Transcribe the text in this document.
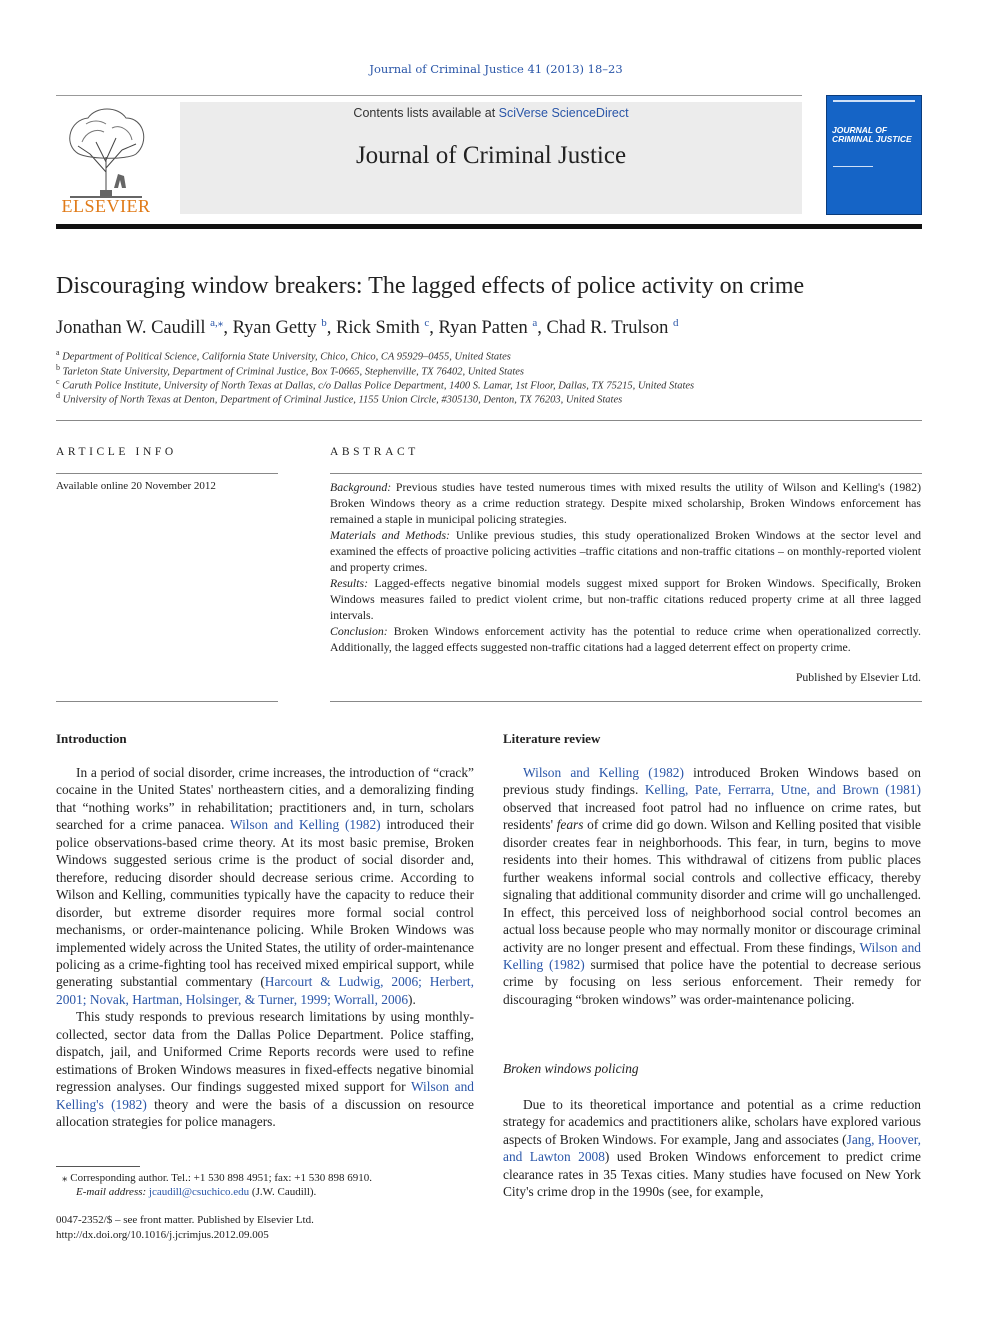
Journal of Criminal Justice 41 (2013) 18–23
ELSEVIER
Contents lists available at SciVerse ScienceDirect
Journal of Criminal Justice
JOURNAL OF CRIMINAL JUSTICE
Discouraging window breakers: The lagged effects of police activity on crime
Jonathan W. Caudill $^{a,⁎}$, Ryan Getty $^b$, Rick Smith $^c$, Ryan Patten $^a$, Chad R. Trulson $^d$
$^a$ Department of Political Science, California State University, Chico, Chico, CA 95929–0455, United States
$^b$ Tarleton State University, Department of Criminal Justice, Box T-0665, Stephenville, TX 76402, United States
$^c$ Caruth Police Institute, University of North Texas at Dallas, c/o Dallas Police Department, 1400 S. Lamar, 1st Floor, Dallas, TX 75215, United States
$^d$ University of North Texas at Denton, Department of Criminal Justice, 1155 Union Circle, #305130, Denton, TX 76203, United States
ARTICLE INFO
Available online 20 November 2012
ABSTRACT

Background: Previous studies have tested numerous times with mixed results the utility of Wilson and Kelling's (1982) Broken Windows theory as a crime reduction strategy. Despite mixed scholarship, Broken Windows enforcement has remained a staple in municipal policing strategies.

Materials and Methods: Unlike previous studies, this study operationalized Broken Windows at the sector level and examined the effects of proactive policing activities –traffic citations and non-traffic citations – on monthly-reported violent and property crimes.

Results: Lagged-effects negative binomial models suggest mixed support for Broken Windows. Specifically, Broken Windows measures failed to predict violent crime, but non-traffic citations reduced property crime at all three lagged intervals.

Conclusion: Broken Windows enforcement activity has the potential to reduce crime when operationalized correctly. Additionally, the lagged effects suggested non-traffic citations had a lagged deterrent effect on property crime.

Published by Elsevier Ltd.
Introduction

In a period of social disorder, crime increases, the introduction of “crack” cocaine in the United States' northeastern cities, and a demoralizing finding that “nothing works” in rehabilitation; practitioners and, in turn, scholars searched for a crime panacea. Wilson and Kelling (1982) introduced their police observations-based crime theory. At its most basic premise, Broken Windows suggested serious crime is the product of social disorder and, therefore, reducing disorder should decrease serious crime. According to Wilson and Kelling, communities typically have the capacity to reduce their disorder, but extreme disorder requires more formal social control mechanisms, or order-maintenance policing. While Broken Windows was implemented widely across the United States, the utility of order-maintenance policing as a crime-fighting tool has received mixed empirical support, while generating substantial commentary (Harcourt & Ludwig, 2006; Herbert, 2001; Novak, Hartman, Holsinger, & Turner, 1999; Worrall, 2006).

This study responds to previous research limitations by using monthly-collected, sector data from the Dallas Police Department. Police staffing, dispatch, jail, and Uniformed Crime Reports records were used to refine estimations of Broken Windows measures in fixed-effects negative binomial regression analyses. Our findings suggested mixed support for Wilson and Kelling's (1982) theory and were the basis of a discussion on resource allocation strategies for police managers.

Literature review

Wilson and Kelling (1982) introduced Broken Windows based on previous study findings. Kelling, Pate, Ferrarra, Utne, and Brown (1981) observed that increased foot patrol had no influence on crime rates, but residents' fears of crime did go down. Wilson and Kelling posited that visible disorder creates fear in neighborhoods. This fear, in turn, begins to move residents into their homes. This withdrawal of citizens from public places further weakens informal social controls and collective efficacy, thereby signaling that additional community disorder and crime will go unchallenged. In effect, this perceived loss of neighborhood social control becomes an actual loss because people who may normally monitor or discourage criminal activity are no longer present and effectual. From these findings, Wilson and Kelling (1982) surmised that police have the potential to decrease serious crime by focusing on less serious enforcement. Their remedy for discouraging “broken windows” was order-maintenance policing.

Broken windows policing

Due to its theoretical importance and potential as a crime reduction strategy for academics and practitioners alike, scholars have explored various aspects of Broken Windows. For example, Jang and associates (Jang, Hoover, and Lawton 2008) used Broken Windows enforcement to predict crime clearance rates in 35 Texas cities. Many studies have focused on New York City's crime drop in the 1990s (see, for example,

⁎ Corresponding author. Tel.: +1 530 898 4951; fax: +1 530 898 6910.
E-mail address: jcaudill@csuchico.edu (J.W. Caudill).
0047-2352/$ – see front matter. Published by Elsevier Ltd.
http://dx.doi.org/10.1016/j.jcrimjus.2012.09.005
